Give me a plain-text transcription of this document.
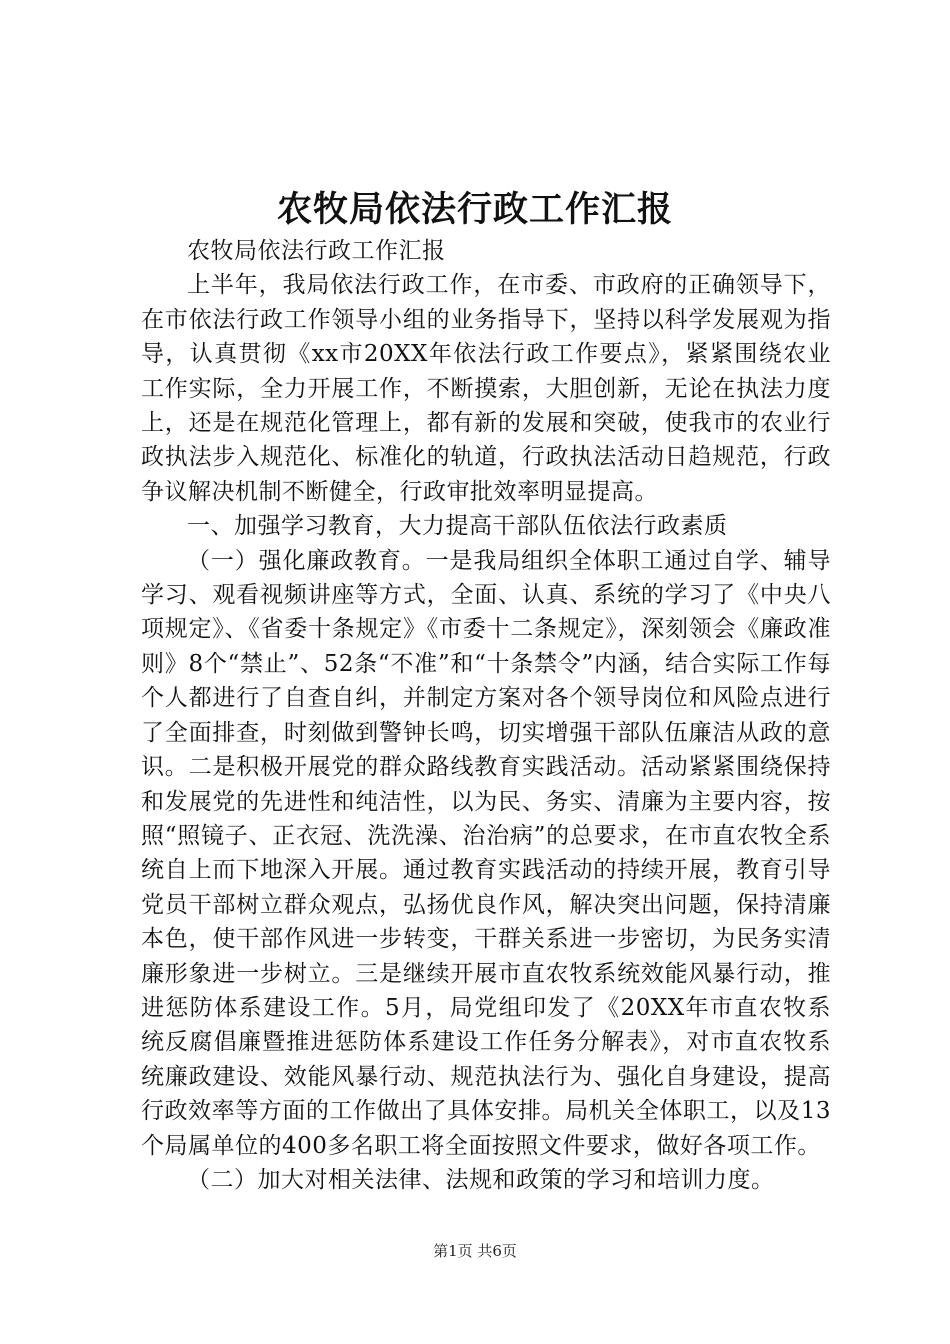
农牧局依法行政工作汇报

农牧局依法行政工作汇报

上半年，我局依法行政工作，在市委、市政府的正确领导下，在市依法行政工作领导小组的业务指导下，坚持以科学发展观为指导，认真贯彻《xx市20XX年依法行政工作要点》，紧紧围绕农业工作实际，全力开展工作，不断摸索，大胆创新，无论在执法力度上，还是在规范化管理上，都有新的发展和突破，使我市的农业行政执法步入规范化、标准化的轨道，行政执法活动日趋规范，行政争议解决机制不断健全，行政审批效率明显提高。

一、加强学习教育，大力提高干部队伍依法行政素质

（一）强化廉政教育。一是我局组织全体职工通过自学、辅导学习、观看视频讲座等方式，全面、认真、系统的学习了《中央八项规定》、《省委十条规定》《市委十二条规定》，深刻领会《廉政准则》8个“禁止”、52条“不准”和“十条禁令”内涵，结合实际工作每个人都进行了自查自纠，并制定方案对各个领导岗位和风险点进行了全面排查，时刻做到警钟长鸣，切实增强干部队伍廉洁从政的意识。二是积极开展党的群众路线教育实践活动。活动紧紧围绕保持和发展党的先进性和纯洁性，以为民、务实、清廉为主要内容，按照“照镜子、正衣冠、洗洗澡、治治病”的总要求，在市直农牧全系统自上而下地深入开展。通过教育实践活动的持续开展，教育引导党员干部树立群众观点，弘扬优良作风，解决突出问题，保持清廉本色，使干部作风进一步转变，干群关系进一步密切，为民务实清廉形象进一步树立。三是继续开展市直农牧系统效能风暴行动，推进惩防体系建设工作。5月，局党组印发了《20XX年市直农牧系统反腐倡廉暨推进惩防体系建设工作任务分解表》，对市直农牧系统廉政建设、效能风暴行动、规范执法行为、强化自身建设，提高行政效率等方面的工作做出了具体安排。局机关全体职工，以及13个局属单位的400多名职工将全面按照文件要求，做好各项工作。

（二）加大对相关法律、法规和政策的学习和培训力度。

第1页 共6页
